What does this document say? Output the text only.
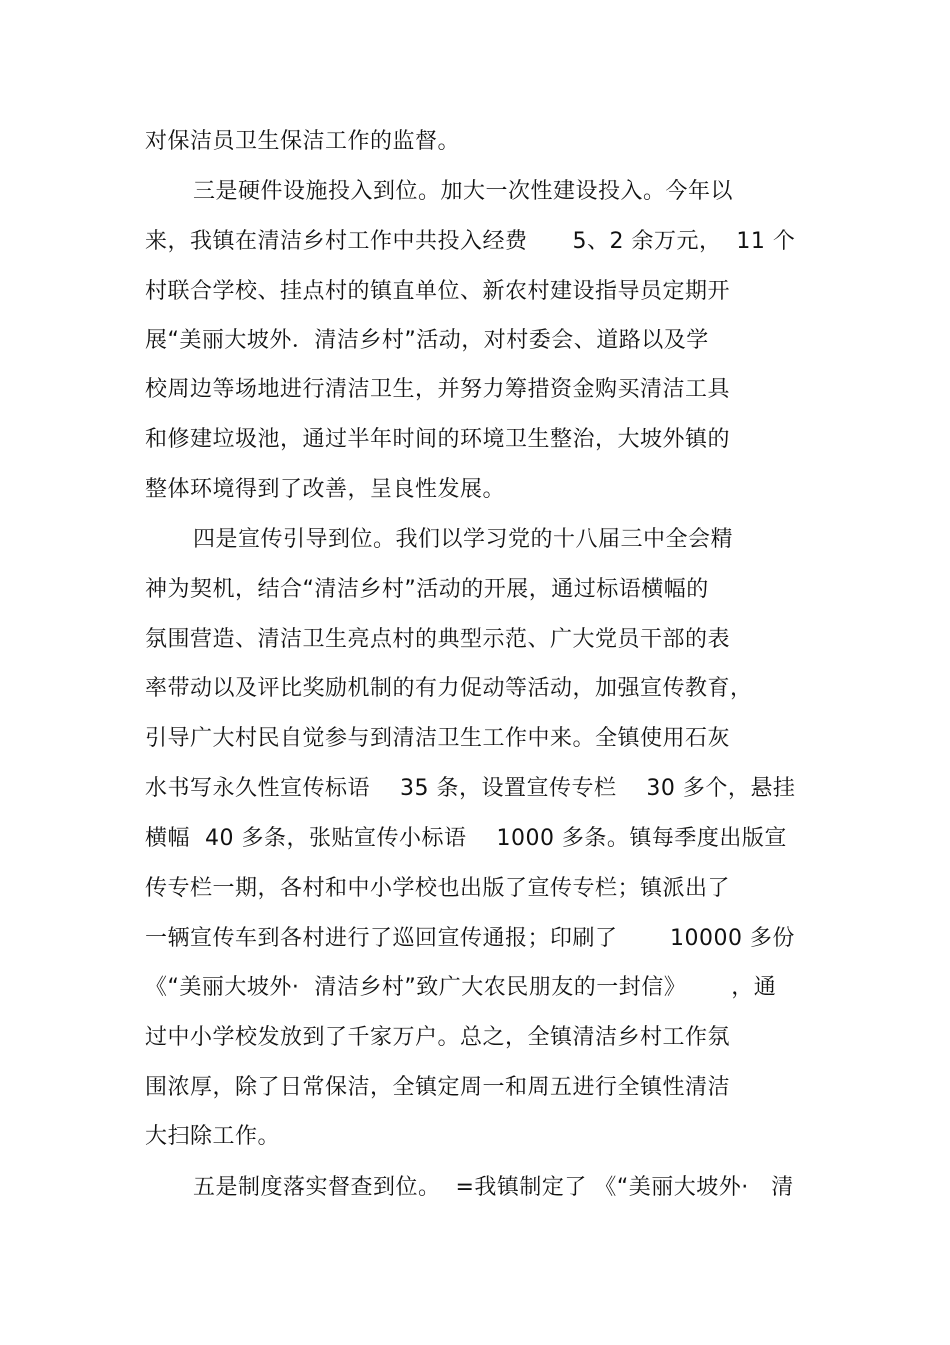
对保洁员卫生保洁工作的监督。
三是硬件设施投入到位。加大一次性建设投入。今年以
来，我镇在清洁乡村工作中共投入经费      5、2 余万元，  11 个
村联合学校、挂点村的镇直单位、新农村建设指导员定期开
展“美丽大坡外．清洁乡村”活动，对村委会、道路以及学
校周边等场地进行清洁卫生，并努力筹措资金购买清洁工具
和修建垃圾池，通过半年时间的环境卫生整治，大坡外镇的
整体环境得到了改善，呈良性发展。
四是宣传引导到位。我们以学习党的十八届三中全会精
神为契机，结合“清洁乡村”活动的开展，通过标语横幅的
氛围营造、清洁卫生亮点村的典型示范、广大党员干部的表
率带动以及评比奖励机制的有力促动等活动，加强宣传教育，
引导广大村民自觉参与到清洁卫生工作中来。全镇使用石灰
水书写永久性宣传标语    35 条，设置宣传专栏    30 多个，悬挂
横幅  40 多条，张贴宣传小标语    1000 多条。镇每季度出版宣
传专栏一期，各村和中小学校也出版了宣传专栏；镇派出了
一辆宣传车到各村进行了巡回宣传通报；印刷了       10000 多份
《“美丽大坡外·  清洁乡村”致广大农民朋友的一封信》      ，通
过中小学校发放到了千家万户。总之，全镇清洁乡村工作氛
围浓厚，除了日常保洁，全镇定周一和周五进行全镇性清洁
大扫除工作。
五是制度落实督查到位。  =我镇制定了 《“美丽大坡外·   清
